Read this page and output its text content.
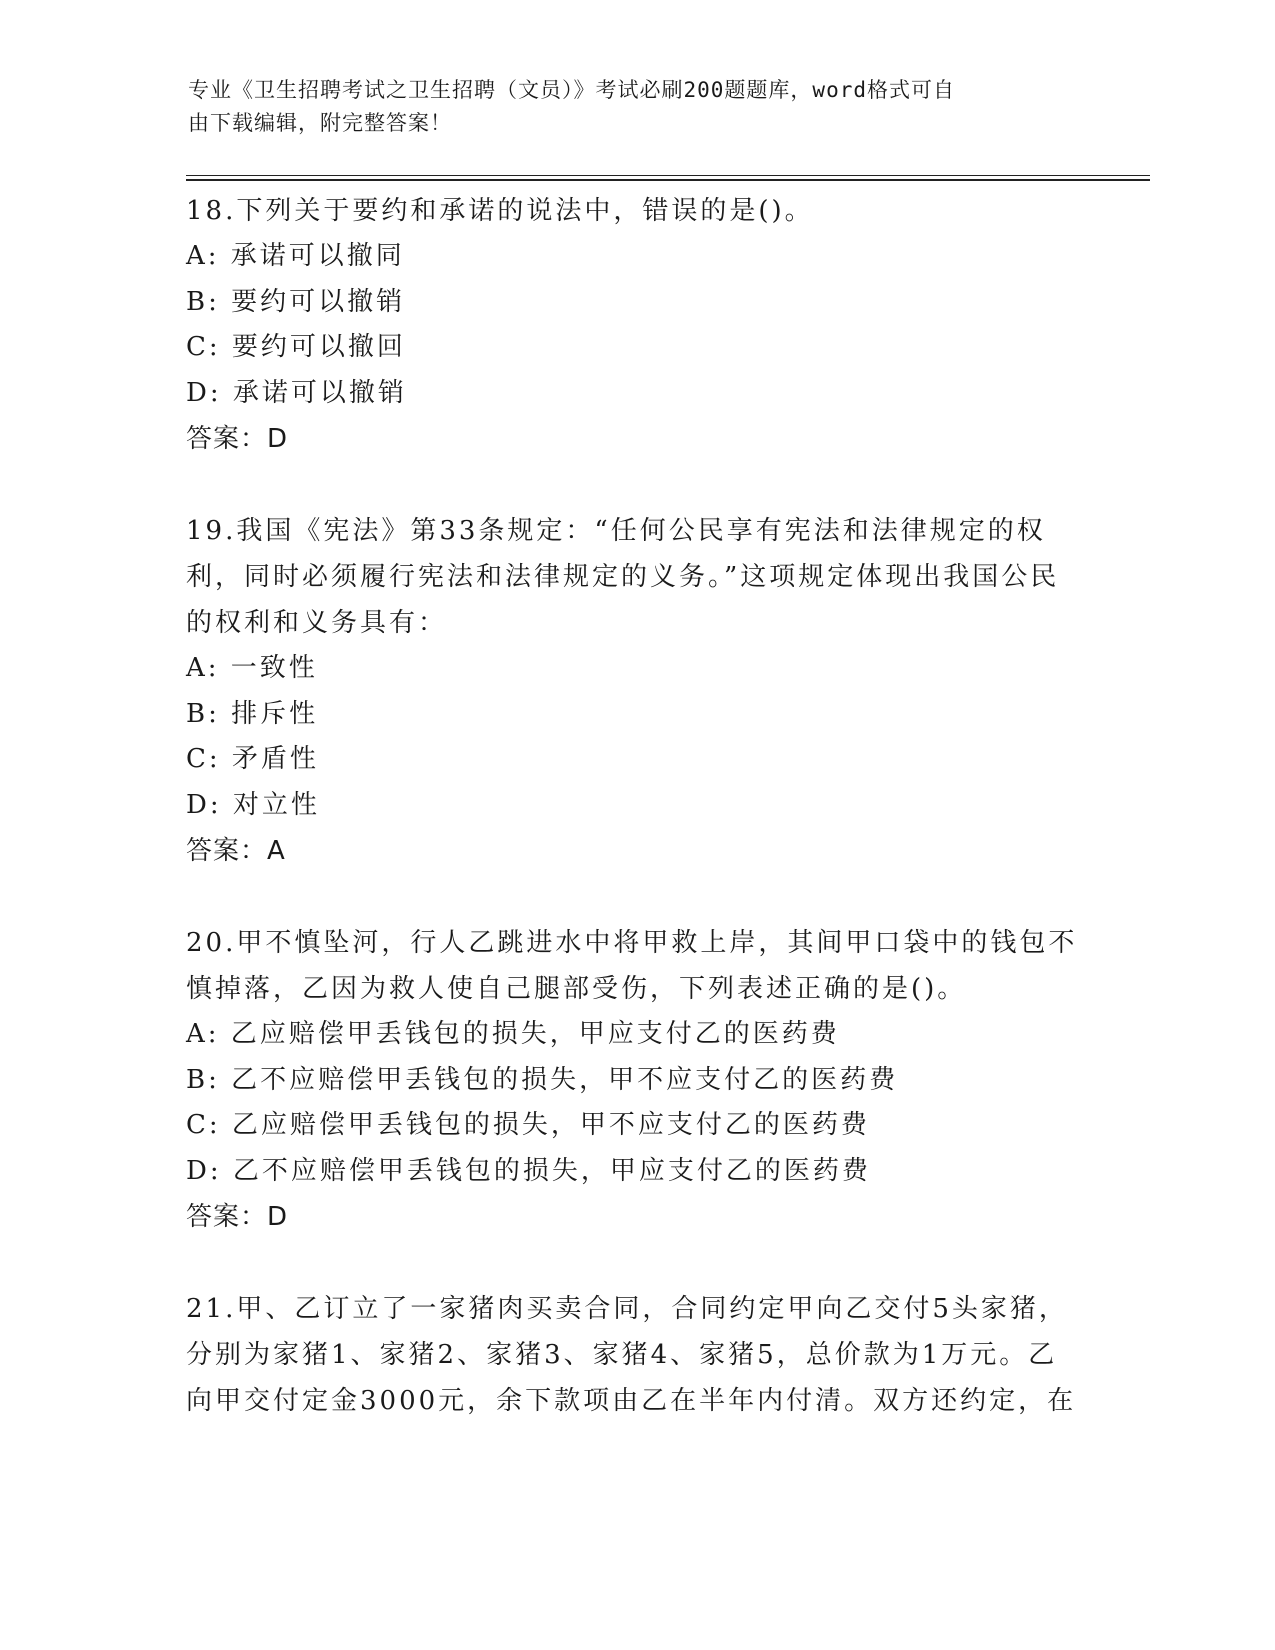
专业《卫生招聘考试之卫生招聘（文员）》考试必刷200题题库，word格式可自
由下载编辑，附完整答案！

18.下列关于要约和承诺的说法中，错误的是()。

A: 承诺可以撤同

B: 要约可以撤销

C: 要约可以撤回

D: 承诺可以撤销

答案：D

19.我国《宪法》第33条规定：“任何公民享有宪法和法律规定的权利，同时必须履行宪法和法律规定的义务。”这项规定体现出我国公民的权利和义务具有：

A: 一致性

B: 排斥性

C: 矛盾性

D: 对立性

答案：A

20.甲不慎坠河，行人乙跳进水中将甲救上岸，其间甲口袋中的钱包不慎掉落，乙因为救人使自己腿部受伤，下列表述正确的是()。

A: 乙应赔偿甲丢钱包的损失，甲应支付乙的医药费

B: 乙不应赔偿甲丢钱包的损失，甲不应支付乙的医药费

C: 乙应赔偿甲丢钱包的损失，甲不应支付乙的医药费

D: 乙不应赔偿甲丢钱包的损失，甲应支付乙的医药费

答案：D

21.甲、乙订立了一家猪肉买卖合同，合同约定甲向乙交付5头家猪，分别为家猪1、家猪2、家猪3、家猪4、家猪5，总价款为1万元。乙向甲交付定金3000元，余下款项由乙在半年内付清。双方还约定，在
